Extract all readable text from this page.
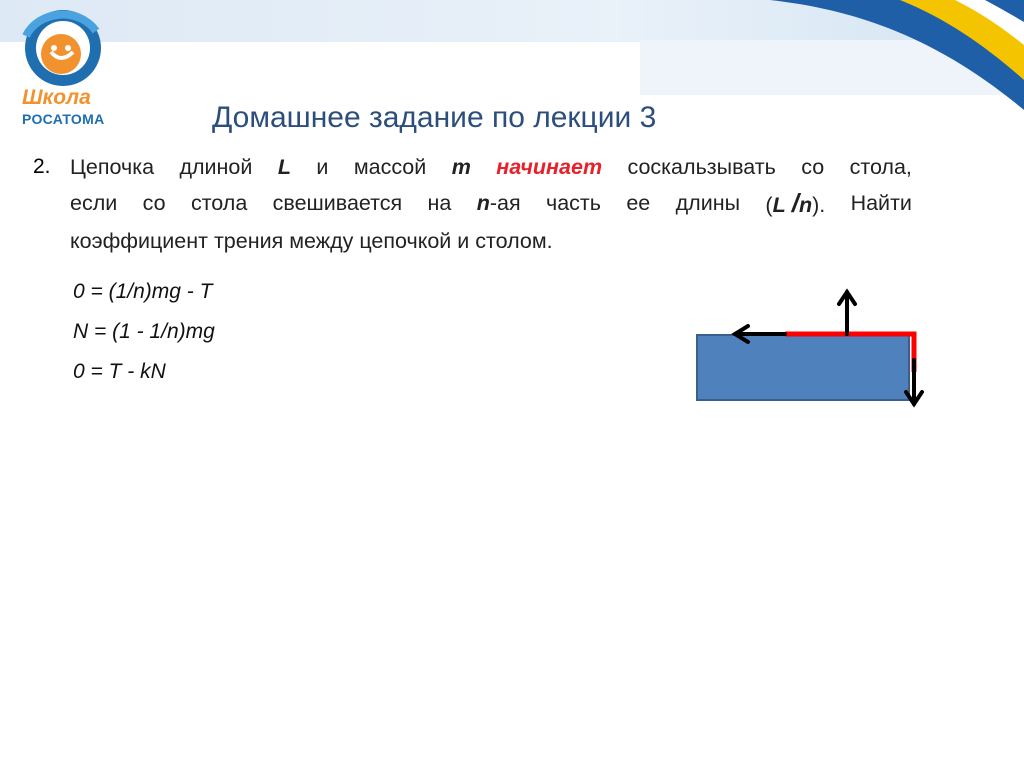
+
Школа
РОСАТОМА	Домашнее задание по лекции 3
2. Цепочка длиной L и массой m начинает соскальзывать со стола,
если со стола свешивается на n-ая часть ее длины (L /n). Найти
коэффициент трения между цепочкой и столом.
0 = (1/n)mg - T
N = (1 - 1/n)mg
0 = T - kN
